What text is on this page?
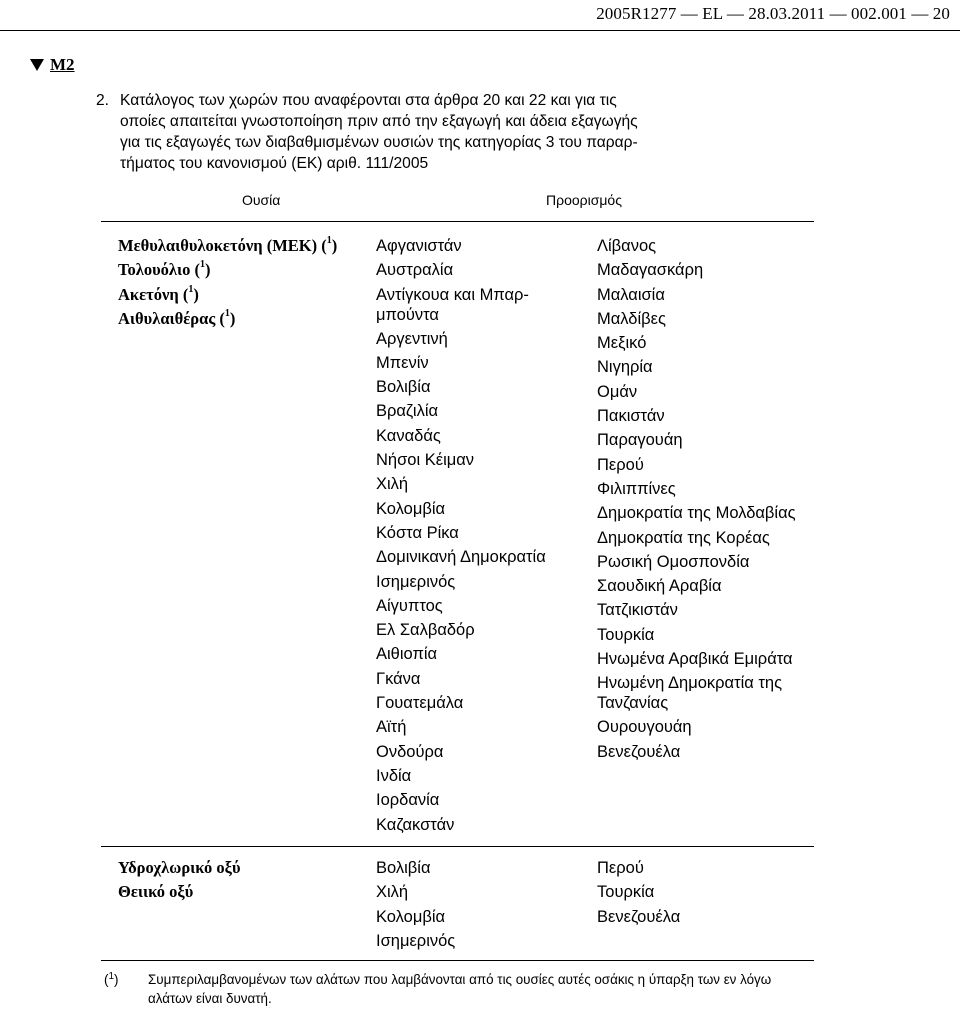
2005R1277 — EL — 28.03.2011 — 002.001 — 20
M2
2. Κατάλογος των χωρών που αναφέρονται στα άρθρα 20 και 22 και για τις
οποίες απαιτείται γνωστοποίηση πριν από την εξαγωγή και άδεια εξαγωγής
για τις εξαγωγές των διαβαθμισμένων ουσιών της κατηγορίας 3 του παραρ-
τήματος του κανονισμού (ΕΚ) αριθ. 111/2005
Ουσία	Προορισμός
Μεθυλαιθυλοκετόνη (ΜΕΚ) ($^1$)
Τολουόλιο ($^1$)
Ακετόνη ($^1$)
Αιθυλαιθέρας ($^1$)
Αφγανιστάν
Αυστραλία
Αντίγκουα και Μπαρ-
μπούντα
Αργεντινή
Μπενίν
Βολιβία
Βραζιλία
Καναδάς
Νήσοι Κέιμαν
Χιλή
Κολομβία
Κόστα Ρίκα
Δομινικανή Δημοκρατία
Ισημερινός
Αίγυπτος
Ελ Σαλβαδόρ
Αιθιοπία
Γκάνα
Γουατεμάλα
Αϊτή
Ονδούρα
Ινδία
Ιορδανία
Καζακστάν
Λίβανος
Μαδαγασκάρη
Μαλαισία
Μαλδίβες
Μεξικό
Νιγηρία
Ομάν
Πακιστάν
Παραγουάη
Περού
Φιλιππίνες
Δημοκρατία της Μολδαβίας
Δημοκρατία της Κορέας
Ρωσική Ομοσπονδία
Σαουδική Αραβία
Τατζικιστάν
Τουρκία
Ηνωμένα Αραβικά Εμιράτα
Ηνωμένη Δημοκρατία της
Τανζανίας
Ουρουγουάη
Βενεζουέλα
Υδροχλωρικό οξύ
Θειικό οξύ
Βολιβία
Χιλή
Κολομβία
Ισημερινός
Περού
Τουρκία
Βενεζουέλα
($^1$) Συμπεριλαμβανομένων των αλάτων που λαμβάνονται από τις ουσίες αυτές οσάκις η ύπαρξη των εν λόγω
αλάτων είναι δυνατή.
